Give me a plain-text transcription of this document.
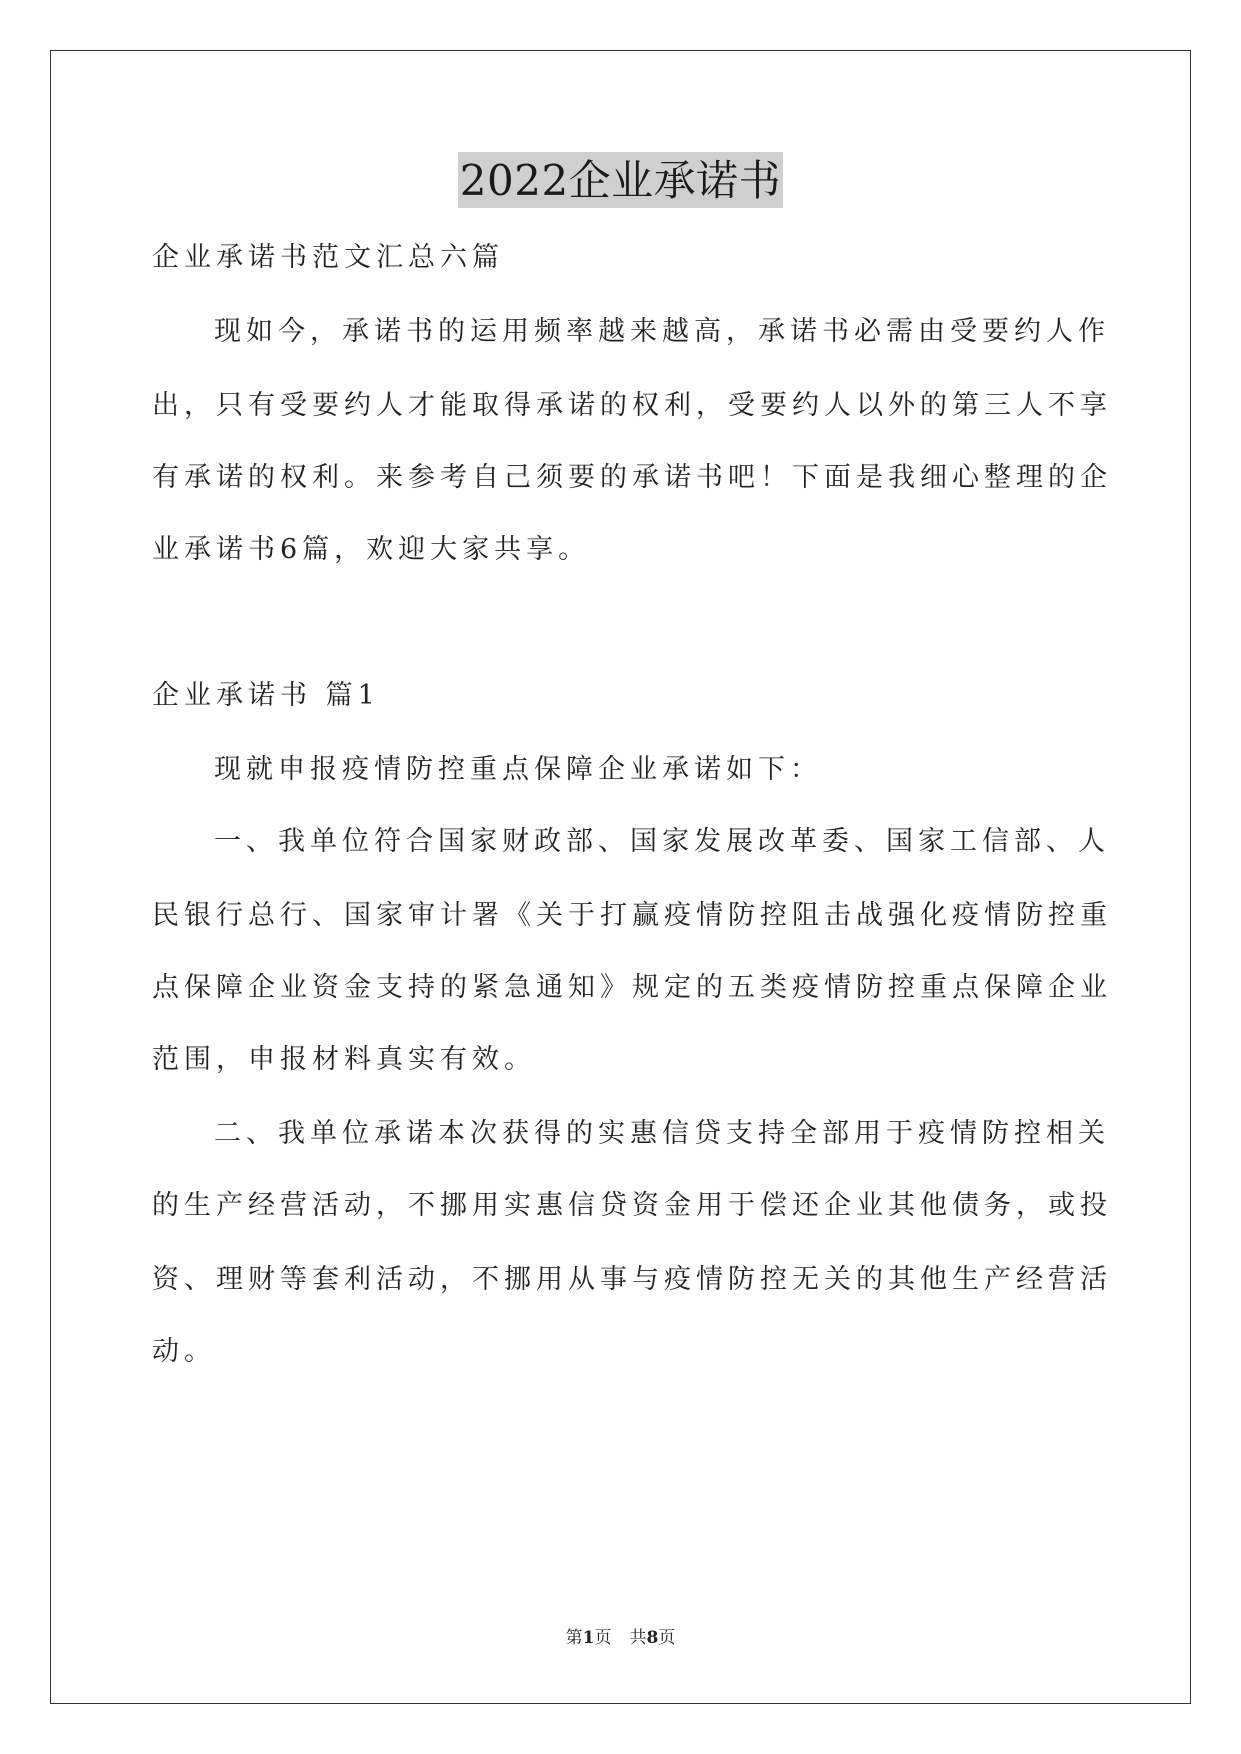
2022企业承诺书
企业承诺书范文汇总六篇
现如今，承诺书的运用频率越来越高，承诺书必需由受要约人作
出，只有受要约人才能取得承诺的权利，受要约人以外的第三人不享
有承诺的权利。来参考自己须要的承诺书吧！下面是我细心整理的企
业承诺书6篇，欢迎大家共享。
企业承诺书 篇1
现就申报疫情防控重点保障企业承诺如下：
一、我单位符合国家财政部、国家发展改革委、国家工信部、人
民银行总行、国家审计署《关于打赢疫情防控阻击战强化疫情防控重
点保障企业资金支持的紧急通知》规定的五类疫情防控重点保障企业
范围，申报材料真实有效。
二、我单位承诺本次获得的实惠信贷支持全部用于疫情防控相关
的生产经营活动，不挪用实惠信贷资金用于偿还企业其他债务，或投
资、理财等套利活动，不挪用从事与疫情防控无关的其他生产经营活
动。
第1页 共8页
